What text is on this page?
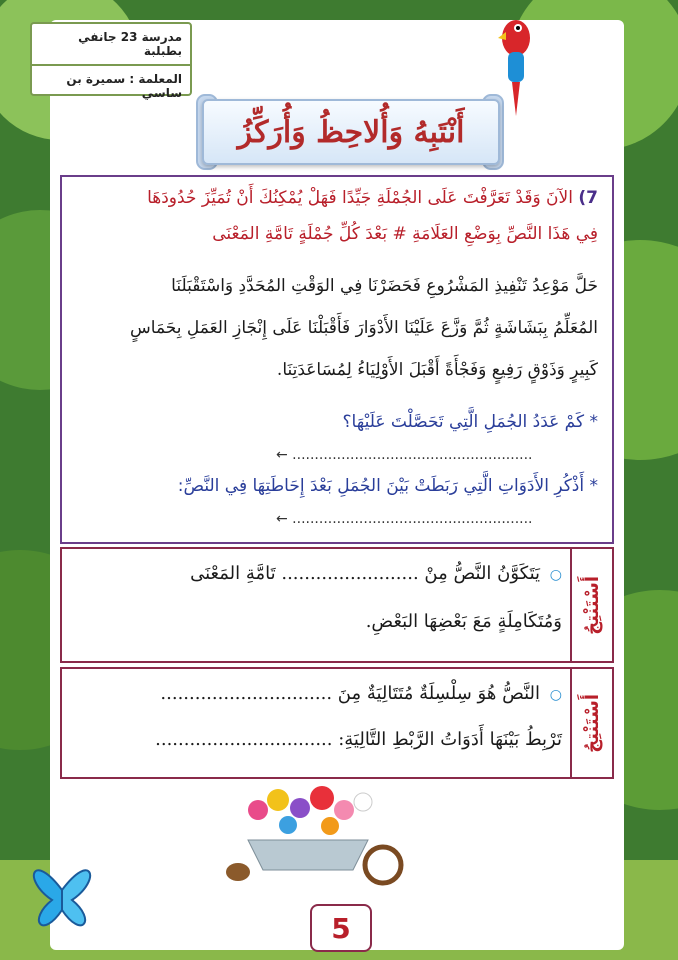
مدرسة 23 جانفي بطبلبة
المعلمة : سميرة بن ساسي
أَنْتَبِهُ وَأُلاحِظُ وَأُرَكِّزُ
7) الآنَ وَقَدْ تَعَرَّفْتَ عَلَى الجُمْلَةِ جَيِّدًا فَهَلْ يُمْكِنُكَ أَنْ تُمَيِّزَ حُدُودَهَا
فِي هَذَا النَّصِّ بِوَضْعِ العَلَامَةِ # بَعْدَ كُلِّ جُمْلَةٍ تَامَّةِ المَعْنَى
حَلَّ مَوْعِدُ تَنْفِيذِ المَشْرُوعِ فَحَضَرْنَا فِي الوَقْتِ المُحَدَّدِ وَاسْتَقْبَلَنَا
المُعَلِّمُ بِبَشَاشَةٍ ثُمَّ وَزَّعَ عَلَيْنَا الأَدْوَارَ فَأَقْبَلْنَا عَلَى إِنْجَازِ العَمَلِ بِحَمَاسٍ
كَبِيرٍ وَذَوْقٍ رَفِيعٍ وَفَجْأَةً أَقْبَلَ الأَوْلِيَاءُ لِمُسَاعَدَتِنَا.
* كَمْ عَدَدُ الجُمَلِ الَّتِي تَحَصَّلْتَ عَلَيْهَا؟
← ......................................................
* أَذْكُرِ الأَدَوَاتِ الَّتِي رَبَطَتْ بَيْنَ الجُمَلِ بَعْدَ إِحَاطَتِهَا فِي النَّصِّ:
← ......................................................
أَسْتَنْتِجُ
○ يَتَكَوَّنُ النَّصُّ مِنْ ........................ تَامَّةِ المَعْنَى
وَمُتَكَامِلَةٍ مَعَ بَعْضِهَا البَعْضِ.
أَسْتَنْتِجُ
○ النَّصُّ هُوَ سِلْسِلَةٌ مُتَتَالِيَةٌ مِنَ ..............................
تَرْبِطُ بَيْنَهَا أَدَوَاتُ الرَّبْطِ التَّالِيَةِ: ...............................
5
